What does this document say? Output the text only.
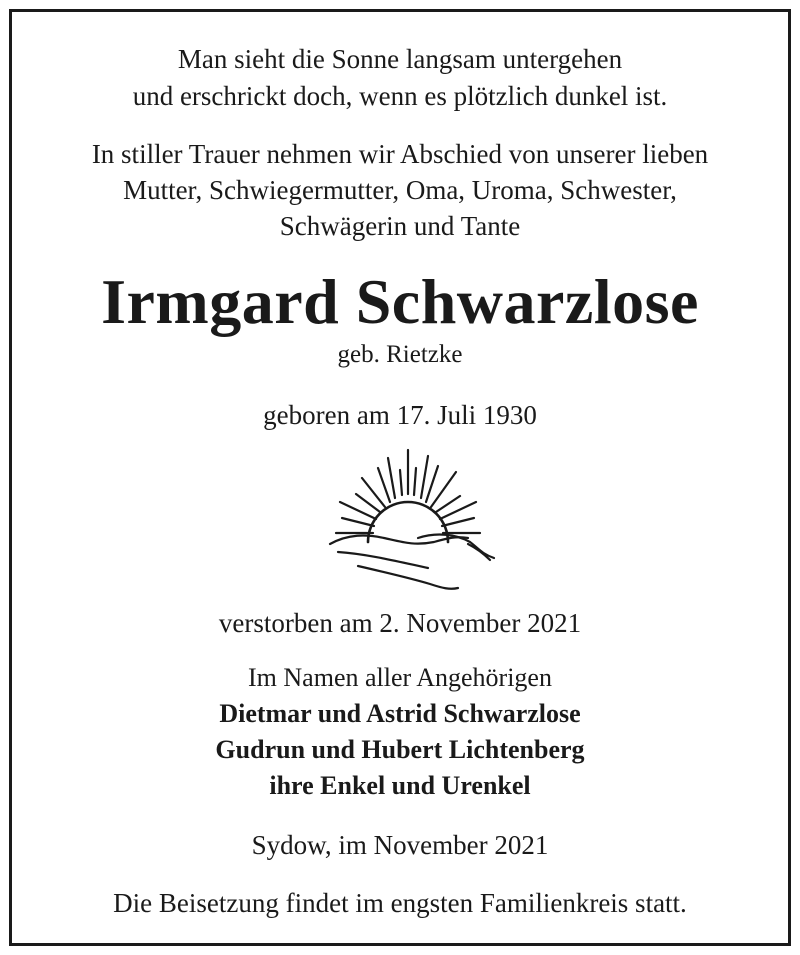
Man sieht die Sonne langsam untergehen
und erschrickt doch, wenn es plötzlich dunkel ist.
In stiller Trauer nehmen wir Abschied von unserer lieben
Mutter, Schwiegermutter, Oma, Uroma, Schwester,
Schwägerin und Tante
Irmgard Schwarzlose
geb. Rietzke
geboren am 17. Juli 1930
verstorben am 2. November 2021
Im Namen aller Angehörigen
Dietmar und Astrid Schwarzlose
Gudrun und Hubert Lichtenberg
ihre Enkel und Urenkel
Sydow, im November 2021
Die Beisetzung findet im engsten Familienkreis statt.
